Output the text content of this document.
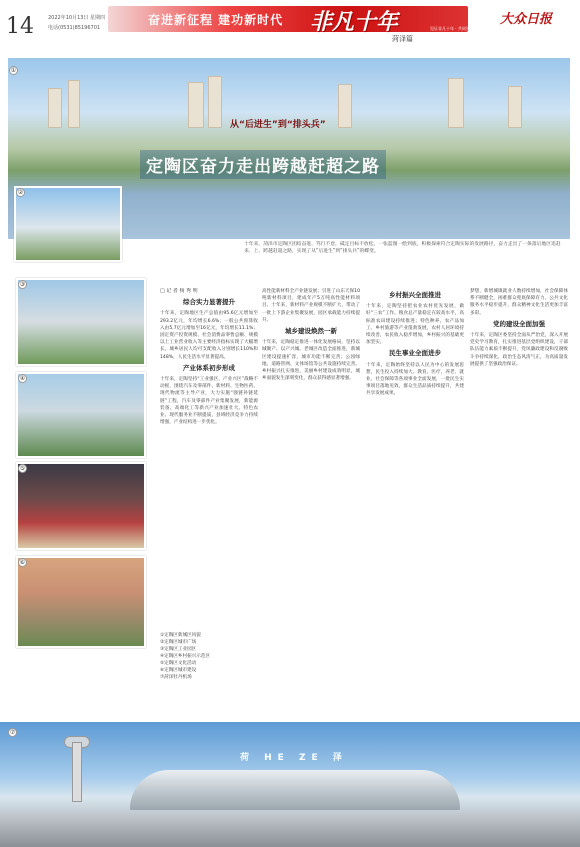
14	2022年10月13日 星期四
电话(0531)85196701
奋进新征程 建功新时代 非凡十年	见证非凡十年 · 共同见证非凡
大众日报
菏泽篇
①
从“后进生”到“排头兵”
定陶区奋力走出跨越赶超之路
②
十年来，菏泽市定陶区团结奋进、笃行不怠，砥定目标不放松，一张蓝图一绘到底，积极探索符合定陶实际的发展路径，奋力走出了一条落后地区追赶来、上、跨越赶超之路，实现了从“后进生”到“排头兵”的蝶变。
③
④
⑤
⑥
□ 记 者 杨 秀 明
综合实力显著提升
十年来，定陶地区生产总值由95.6亿元增加至293.2亿元，年均增长6.6%；一般公共预算收入由5.7亿元增加至16亿元，年均增长11.1%；固定资产投资规模、社会消费品零售总额、规模以上工业营业收入等主要经济指标实现了大幅增长。城乡居民人均可支配收入分别增长110%和148%，人民生活水平显著提高。
产业体系初步形成
十年来，定陶坚持“工业强区、产业兴区”战略不动摇，围绕汽车及零部件、新材料、生物医药、现代物流等主导产业，大力实施“强链补链延链”工程，汽车及零部件产业集聚发展，新能源装备、高端化工等新兴产业加速壮大。特色农业、现代服务业不断提质，县域经济竞争力持续增强，产业结构进一步优化。
高性能新材料全产业链发展；引进了山东天保10吨新材料项目，建成年产5万吨高性能材料项目。十年来，新材料产业规模不断扩大，带动了一批上下游企业集聚发展，园区承载能力持续提升。
城乡建设焕然一新
十年来，定陶稳定推进一体化发展格局，坚持以城聚产、以产兴城。老城区改造全面推进，新城区建设提速扩容，城市功能不断完善；公园绿地、道路管网、文体场馆等公共设施持续完善。乡村振兴扎实推进，美丽乡村建设成效明显，城乡面貌发生深刻变化，群众获得感显著增强。
乡村振兴全面推进
十年来，定陶坚持把农业农村优先发展，做好“三农”工作。粮食总产量稳定在较高水平，高标准农田建设持续推进；特色种养、农产品加工、乡村旅游等产业蓬勃发展，农村人居环境持续改善，农民收入稳步增加，乡村振兴的基础更加坚实。
民生事业全面进步
十年来，定陶始终坚持以人民为中心的发展思想，民生投入持续加大。教育、医疗、养老、就业、社会保障等各项事业全面发展，一批民生实事项目落地见效，群众生活品质持续提升，共建共享发展成果。
梦想，新增城镇就业人数持续增加，社会保障体系不断健全，困难群众兜底保障有力，公共文化服务水平稳步提升，群众精神文化生活更加丰富多彩。
党的建设全面加强
十年来，定陶区委坚持全面从严治党，深入开展党史学习教育，扎实推进基层党组织建设，干部队伍能力素质不断提升，党风廉政建设和反腐败斗争持续深化，政治生态风清气正，为高质量发展提供了坚强政治保证。
①定陶区新城区风貌
②定陶区城市广场
③定陶区工业园区
④定陶区乡村振兴示范区
⑤定陶区文化活动
⑥定陶区城市建设
⑦菏泽牡丹机场
荷 HE ZE 泽
⑦
